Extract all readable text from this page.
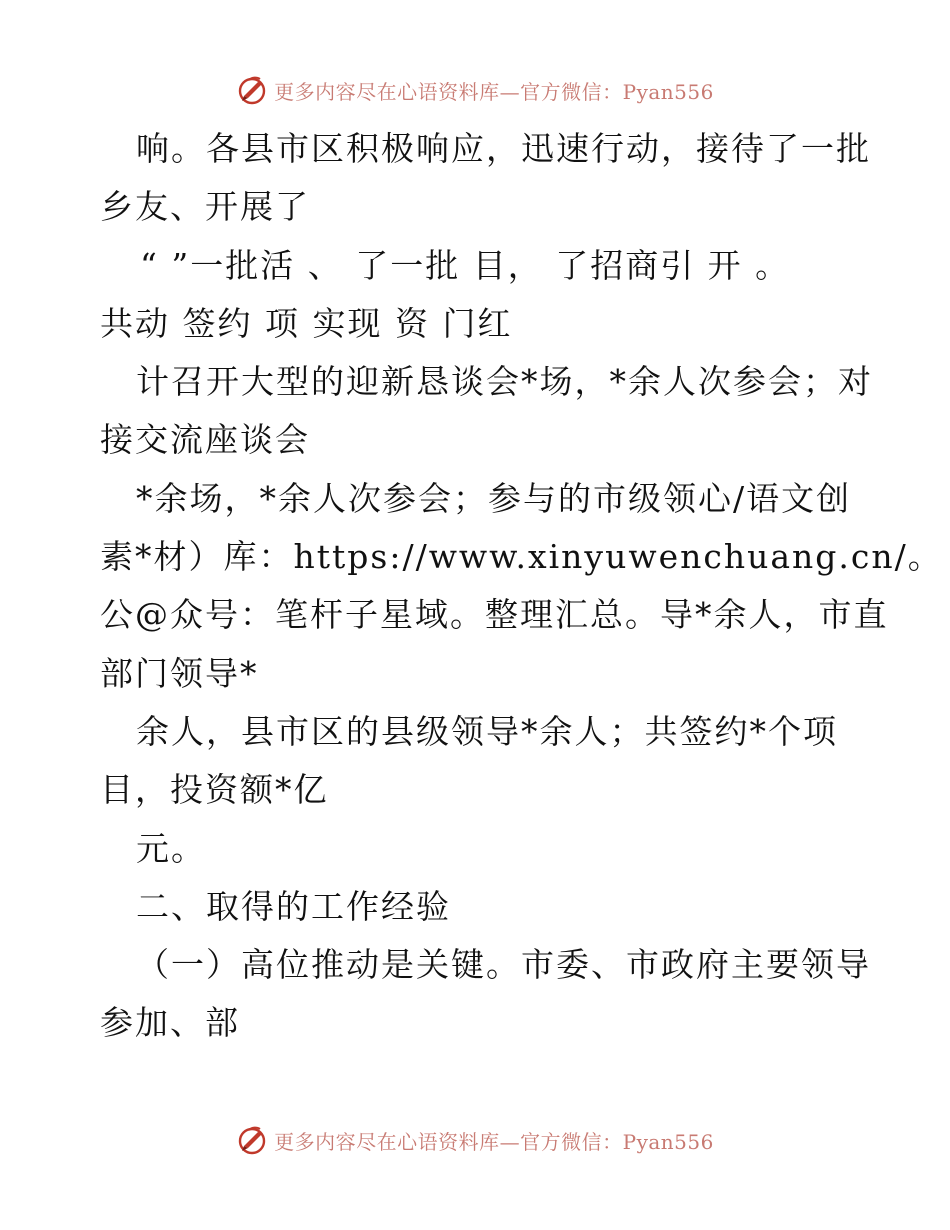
更多内容尽在心语资料库—官方微信：Pyan556
响。各县市区积极响应，迅速行动，接待了一批
乡友、开展了
“ ”一批活 、 了一批 目， 了招商引 开 。
共动 签约 项 实现 资 门红
计召开大型的迎新恳谈会*场，*余人次参会；对
接交流座谈会
*余场，*余人次参会；参与的市级领心/语文创
素*材）库：https://www.xinyuwenchuang.cn/。
公@众号：笔杆子星域。整理汇总。导*余人，市直
部门领导*
余人，县市区的县级领导*余人；共签约*个项
目，投资额*亿
元。
二、取得的工作经验
（一）高位推动是关键。市委、市政府主要领导
参加、部
更多内容尽在心语资料库—官方微信：Pyan556
